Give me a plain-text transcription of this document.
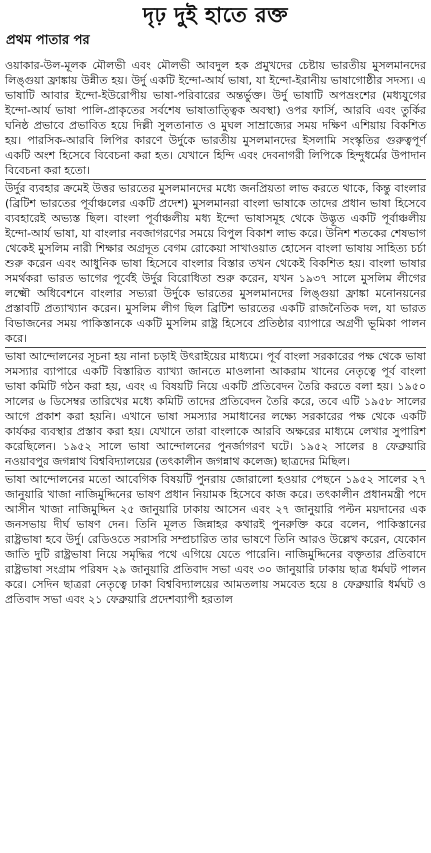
দৃঢ় দুই হাতে রক্ত
প্রথম পাতার পর

ওয়াকার-উল-মূলক মৌলভী এবং মৌলভী আবদুল হক প্রমুখদের চেষ্টায় ভারতীয় মুসলমানদের লিঙ্গুয়া ফ্রাঙ্কায় উন্নীত হয়। উর্দু একটি ইন্দো-আর্য ভাষা, যা ইন্দো-ইরানীয় ভাষাগোষ্ঠীর সদস্য। এ ভাষাটি আবার ইন্দো-ইউরোপীয় ভাষা-পরিবারের অন্তর্ভুক্ত। উর্দু ভাষাটি অপভ্রংশের (মধ্যযুগের ইন্দো-আর্য ভাষা পালি-প্রাকৃতের সর্বশেষ ভাষাতাত্ত্বিক অবস্থা) ওপর ফার্সি, আরবি এবং তুর্কির ঘনিষ্ঠ প্রভাবে প্রভাবিত হয়ে দিল্লী সুলতানাত ও মুঘল সাম্রাজ্যের সময় দক্ষিণ এশিয়ায় বিকশিত হয়। পারসিক-আরবি লিপির কারণে উর্দুকে ভারতীয় মুসলমানদের ইসলামি সংস্কৃতির গুরুত্বপূর্ণ একটি অংশ হিসেবে বিবেচনা করা হত। যেখানে হিন্দি এবং দেবনাগরী লিপিকে হিন্দুধর্মের উপাদান বিবেচনা করা হতো।

উর্দুর ব্যবহার ক্রমেই উত্তর ভারতের মুসলমানদের মধ্যে জনপ্রিয়তা লাভ করতে থাকে, কিন্তু বাংলার (ব্রিটিশ ভারতের পূর্বাঞ্চলের একটি প্রদেশ) মুসলমানরা বাংলা ভাষাকে তাদের প্রধান ভাষা হিসেবে ব্যবহারেই অভ্যস্ত ছিল। বাংলা পূর্বাঞ্চলীয় মধ্য ইন্দো ভাষাসমূহ থেকে উদ্ভূত একটি পূর্বাঞ্চলীয় ইন্দো-আর্য ভাষা, যা বাংলার নবজাগরণের সময়ে বিপুল বিকাশ লাভ করে। উনিশ শতকের শেষভাগ থেকেই মুসলিম নারী শিক্ষার অগ্রদূত বেগম রোকেয়া সাখাওয়াত হোসেন বাংলা ভাষায় সাহিত্য চর্চা শুরু করেন এবং আধুনিক ভাষা হিসেবে বাংলার বিস্তার তখন থেকেই বিকশিত হয়। বাংলা ভাষার সমর্থকরা ভারত ভাগের পূর্বেই উর্দুর বিরোধিতা শুরু করেন, যখন ১৯৩৭ সালে মুসলিম লীগের লক্ষ্মৌ অধিবেশনে বাংলার সভ্যরা উর্দুকে ভারতের মুসলমানদের লিঙ্গুয়া ফ্রাঙ্কা মনোনয়নের প্রস্তাবটি প্রত্যাখ্যান করেন। মুসলিম লীগ ছিল ব্রিটিশ ভারতের একটি রাজনৈতিক দল, যা ভারত বিভাজনের সময় পাকিস্তানকে একটি মুসলিম রাষ্ট্র হিসেবে প্রতিষ্ঠার ব্যাপারে অগ্রণী ভূমিকা পালন করে।

ভাষা আন্দোলনের সূচনা হয় নানা চড়াই উৎরাইয়ের মাধ্যমে। পূর্ব বাংলা সরকারের পক্ষ থেকে ভাষা সমস্যার ব্যাপারে একটি বিস্তারিত ব্যাখ্যা জানতে মাওলানা আকরাম খানের নেতৃত্বে পূর্ব বাংলা ভাষা কমিটি গঠন করা হয়, এবং এ বিষয়টি নিয়ে একটি প্রতিবেদন তৈরি করতে বলা হয়। ১৯৫০ সালের ৬ ডিসেম্বর তারিখের মধ্যে কমিটি তাদের প্রতিবেদন তৈরি করে, তবে এটি ১৯৫৮ সালের আগে প্রকাশ করা হয়নি। এখানে ভাষা সমস্যার সমাধানের লক্ষ্যে সরকারের পক্ষ থেকে একটি কার্যকর ব্যবস্থার প্রস্তাব করা হয়। যেখানে তারা বাংলাকে আরবি অক্ষরের মাধ্যমে লেখার সুপারিশ করেছিলেন। ১৯৫২ সালে ভাষা আন্দোলনের পুনর্জাগরণ ঘটে। ১৯৫২ সালের ৪ ফেব্রুয়ারি নওয়াবপুর জগন্নাথ বিশ্ববিদ্যালয়ের (তৎকালীন জগন্নাথ কলেজ) ছাত্রদের মিছিল।

ভাষা আন্দোলনের মতো আবেগিক বিষয়টি পুনরায় জোরালো হওয়ার পেছনে ১৯৫২ সালের ২৭ জানুয়ারি খাজা নাজিমুদ্দিনের ভাষণ প্রধান নিয়ামক হিসেবে কাজ করে। তৎকালীন প্রধানমন্ত্রী পদে আসীন খাজা নাজিমুদ্দিন ২৫ জানুয়ারি ঢাকায় আসেন এবং ২৭ জানুয়ারি পল্টন ময়দানের এক জনসভায় দীর্ঘ ভাষণ দেন। তিনি মূলত জিন্নাহর কথারই পুনরুক্তি করে বলেন, পাকিস্তানের রাষ্ট্রভাষা হবে উর্দু। রেডিওতে সরাসরি সম্প্রচারিত তার ভাষণে তিনি আরও উল্লেখ করেন, যেকোন জাতি দুটি রাষ্ট্রভাষা নিয়ে সমৃদ্ধির পথে এগিয়ে যেতে পারেনি। নাজিমুদ্দিনের বক্তৃতার প্রতিবাদে রাষ্ট্রভাষা সংগ্রাম পরিষদ ২৯ জানুয়ারি প্রতিবাদ সভা এবং ৩০ জানুয়ারি ঢাকায় ছাত্র ধর্মঘট পালন করে। সেদিন ছাত্ররা নেতৃত্বে ঢাকা বিশ্ববিদ্যালয়ের আমতলায় সমবেত হয়ে ৪ ফেব্রুয়ারি ধর্মঘট ও প্রতিবাদ সভা এবং ২১ ফেব্রুয়ারি প্রদেশব্যাপী হরতাল
